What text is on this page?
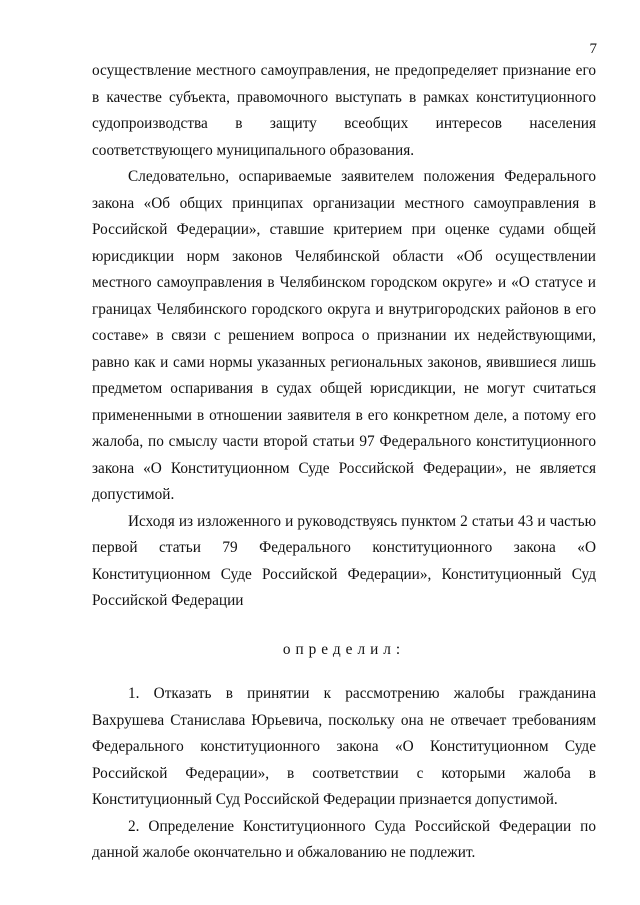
7

осуществление местного самоуправления, не предопределяет признание его в качестве субъекта, правомочного выступать в рамках конституционного судопроизводства в защиту всеобщих интересов населения соответствующего муниципального образования.

Следовательно, оспариваемые заявителем положения Федерального закона «Об общих принципах организации местного самоуправления в Российской Федерации», ставшие критерием при оценке судами общей юрисдикции норм законов Челябинской области «Об осуществлении местного самоуправления в Челябинском городском округе» и «О статусе и границах Челябинского городского округа и внутригородских районов в его составе» в связи с решением вопроса о признании их недействующими, равно как и сами нормы указанных региональных законов, явившиеся лишь предметом оспаривания в судах общей юрисдикции, не могут считаться примененными в отношении заявителя в его конкретном деле, а потому его жалоба, по смыслу части второй статьи 97 Федерального конституционного закона «О Конституционном Суде Российской Федерации», не является допустимой.

Исходя из изложенного и руководствуясь пунктом 2 статьи 43 и частью первой статьи 79 Федерального конституционного закона «О Конституционном Суде Российской Федерации», Конституционный Суд Российской Федерации

определил:

1. Отказать в принятии к рассмотрению жалобы гражданина Вахрушева Станислава Юрьевича, поскольку она не отвечает требованиям Федерального конституционного закона «О Конституционном Суде Российской Федерации», в соответствии с которыми жалоба в Конституционный Суд Российской Федерации признается допустимой.

2. Определение Конституционного Суда Российской Федерации по данной жалобе окончательно и обжалованию не подлежит.
